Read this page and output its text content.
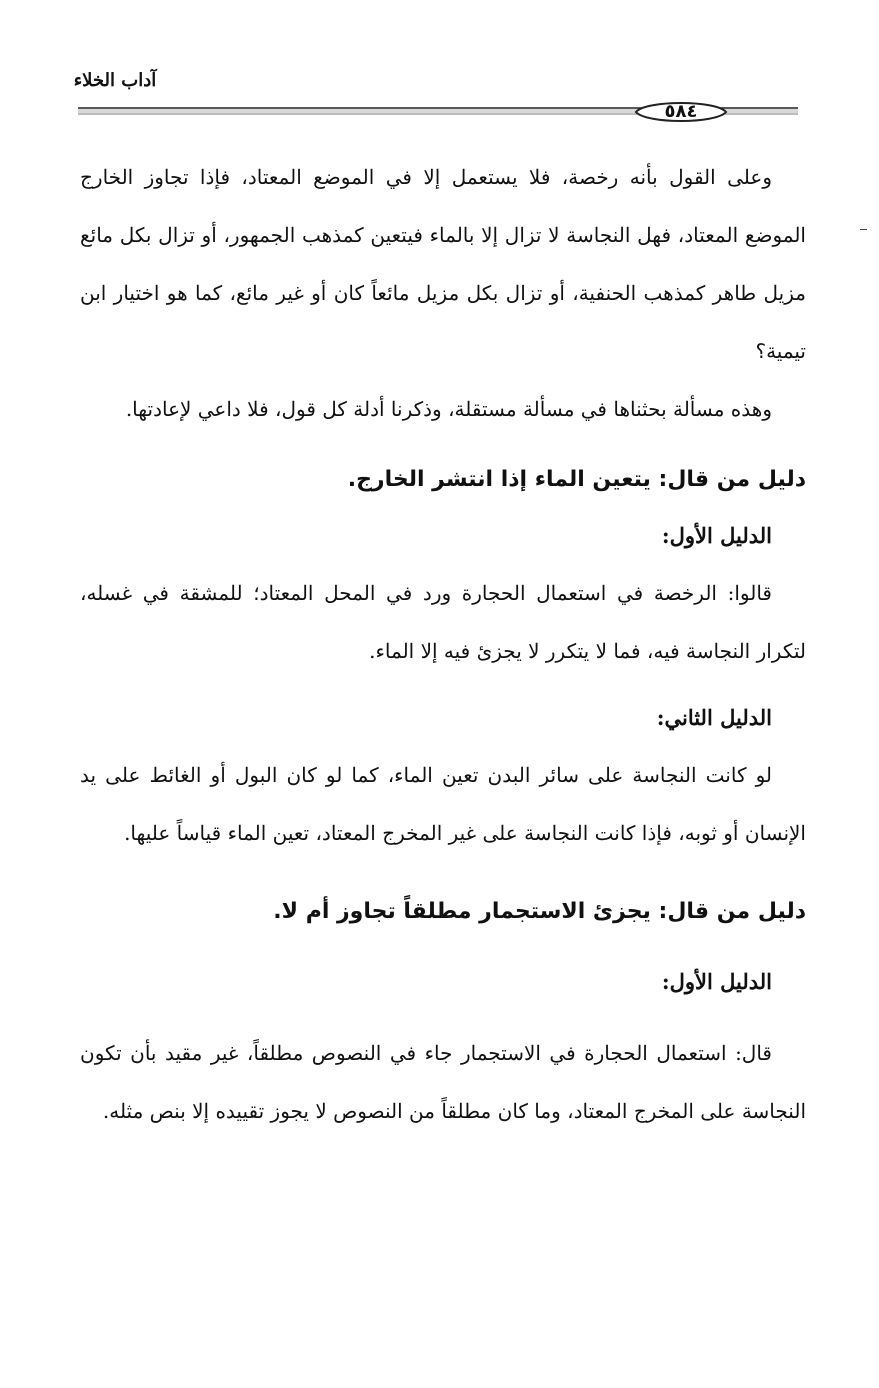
آداب الخلاء
٥٨٤

وعلى القول بأنه رخصة، فلا يستعمل إلا في الموضع المعتاد، فإذا تجاوز الخارج الموضع المعتاد، فهل النجاسة لا تزال إلا بالماء فيتعين كمذهب الجمهور، أو تزال بكل مائع مزيل طاهر كمذهب الحنفية، أو تزال بكل مزيل مائعاً كان أو غير مائع، كما هو اختيار ابن تيمية؟

وهذه مسألة بحثناها في مسألة مستقلة، وذكرنا أدلة كل قول، فلا داعي لإعادتها.

دليل من قال: يتعين الماء إذا انتشر الخارج.
الدليل الأول:

قالوا: الرخصة في استعمال الحجارة ورد في المحل المعتاد؛ للمشقة في غسله، لتكرار النجاسة فيه، فما لا يتكرر لا يجزئ فيه إلا الماء.

الدليل الثاني:

لو كانت النجاسة على سائر البدن تعين الماء، كما لو كان البول أو الغائط على يد الإنسان أو ثوبه، فإذا كانت النجاسة على غير المخرج المعتاد، تعين الماء قياساً عليها.

دليل من قال: يجزئ الاستجمار مطلقاً تجاوز أم لا.
الدليل الأول:

قال: استعمال الحجارة في الاستجمار جاء في النصوص مطلقاً، غير مقيد بأن تكون النجاسة على المخرج المعتاد، وما كان مطلقاً من النصوص لا يجوز تقييده إلا بنص مثله.
